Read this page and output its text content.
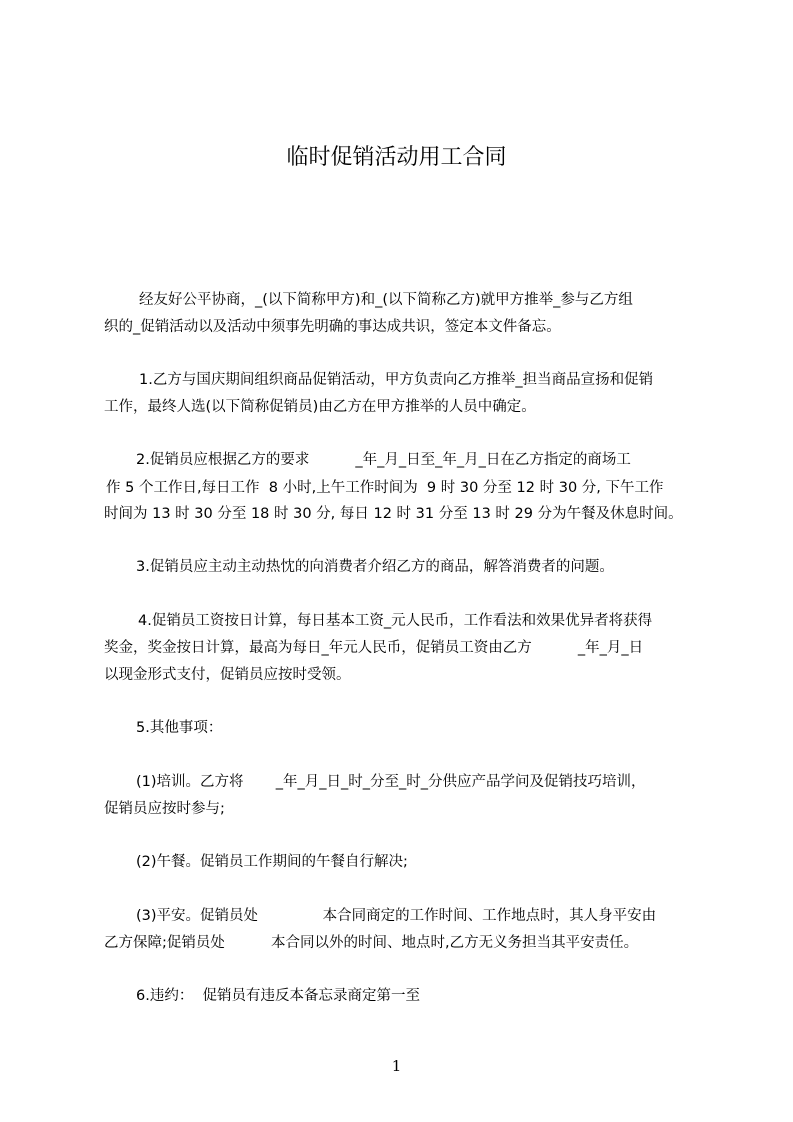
临时促销活动用工合同
经友好公平协商，_(以下简称甲方)和_(以下简称乙方)就甲方推举_参与乙方组
织的_促销活动以及活动中须事先明确的事达成共识，签定本文件备忘。
1.乙方与国庆期间组织商品促销活动，甲方负责向乙方推举_担当商品宣扬和促销
工作，最终人选(以下简称促销员)由乙方在甲方推举的人员中确定。
2.促销员应根据乙方的要求          _年_月_日至_年_月_日在乙方指定的商场工
作 5 个工作日,每日工作  8 小时,上午工作时间为  9 时 30 分至 12 时 30 分, 下午工作
时间为 13 时 30 分至 18 时 30 分, 每日 12 时 31 分至 13 时 29 分为午餐及休息时间。
3.促销员应主动主动热忱的向消费者介绍乙方的商品，解答消费者的问题。
4.促销员工资按日计算，每日基本工资_元人民币，工作看法和效果优异者将获得
奖金，奖金按日计算，最高为每日_年元人民币，促销员工资由乙方          _年_月_日
以现金形式支付，促销员应按时受领。
5.其他事项：
(1)培训。乙方将       _年_月_日_时_分至_时_分供应产品学问及促销技巧培训，
促销员应按时参与;
(2)午餐。促销员工作期间的午餐自行解决;
(3)平安。促销员处              本合同商定的工作时间、工作地点时，其人身平安由
乙方保障;促销员处          本合同以外的时间、地点时,乙方无义务担当其平安责任。
6.违约：  促销员有违反本备忘录商定第一至
1
